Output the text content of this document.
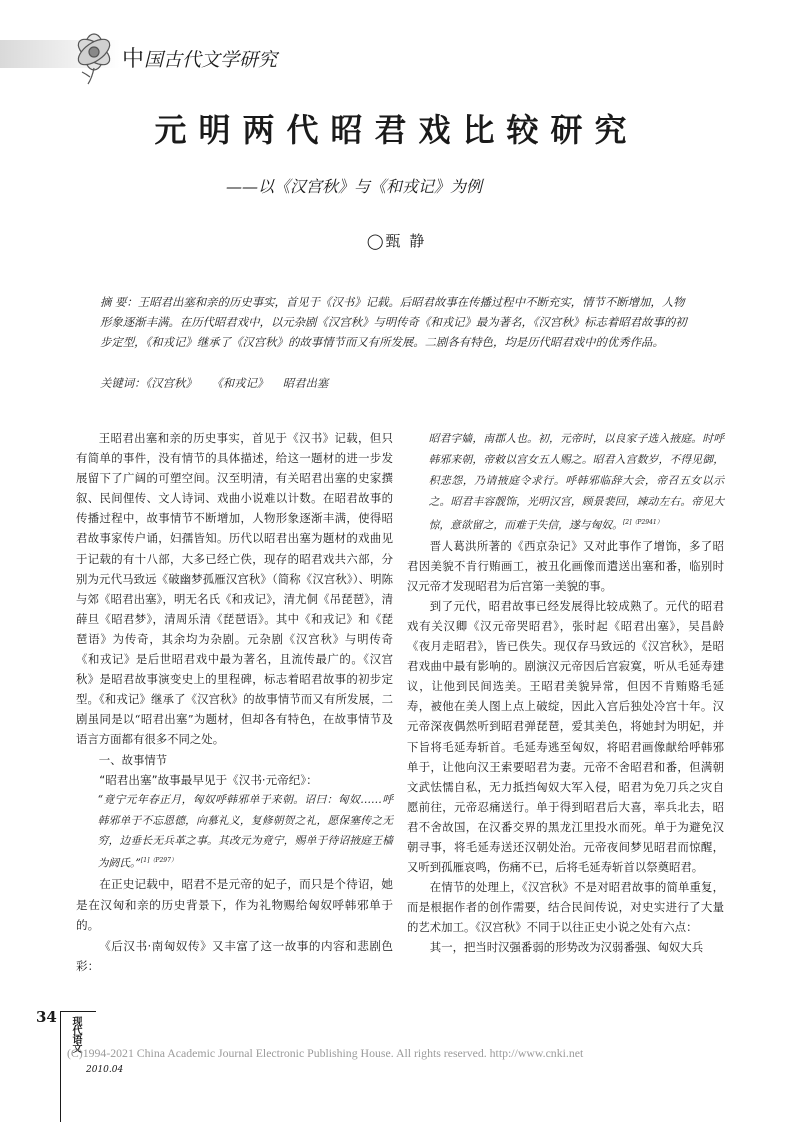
中国古代文学研究
元明两代昭君戏比较研究
——以《汉宫秋》与《和戎记》为例
◯甄 静
摘 要：王昭君出塞和亲的历史事实，首见于《汉书》记载。后昭君故事在传播过程中不断充实，情节不断增加，人物形象逐渐丰满。在历代昭君戏中，以元杂剧《汉宫秋》与明传奇《和戎记》最为著名，《汉宫秋》标志着昭君故事的初步定型，《和戎记》继承了《汉宫秋》的故事情节而又有所发展。二剧各有特色，均是历代昭君戏中的优秀作品。
关键词：《汉宫秋》    《和戎记》    昭君出塞

王昭君出塞和亲的历史事实，首见于《汉书》记载，但只有简单的事件，没有情节的具体描述，给这一题材的进一步发展留下了广阔的可塑空间。汉至明清，有关昭君出塞的史家撰叙、民间俚传、文人诗词、戏曲小说难以计数。在昭君故事的传播过程中，故事情节不断增加，人物形象逐渐丰满，使得昭君故事家传户诵，妇孺皆知。历代以昭君出塞为题材的戏曲见于记载的有十八部，大多已经亡佚，现存的昭君戏共六部，分别为元代马致远《破幽梦孤雁汉宫秋》（简称《汉宫秋》）、明陈与郊《昭君出塞》，明无名氏《和戎记》，清尤侗《吊琵琶》，清薛旦《昭君梦》，清周乐清《琵琶语》。其中《和戎记》和《琵琶语》为传奇，其余均为杂剧。元杂剧《汉宫秋》与明传奇《和戎记》是后世昭君戏中最为著名，且流传最广的。《汉宫秋》是昭君故事演变史上的里程碑，标志着昭君故事的初步定型。《和戎记》继承了《汉宫秋》的故事情节而又有所发展，二剧虽同是以“昭君出塞”为题材，但却各有特色，在故事情节及语言方面都有很多不同之处。

一、故事情节

“昭君出塞”故事最早见于《汉书·元帝纪》：

“竟宁元年春正月，匈奴呼韩邪单于来朝。诏曰：匈奴……呼韩邪单于不忘恩德，向慕礼义，复修朝贺之礼，愿保塞传之无穷，边垂长无兵革之事。其改元为竟宁，赐单于待诏掖庭王樯为阏氏。”$^{[1](P297)}$

在正史记载中，昭君不是元帝的妃子，而只是个待诏，她是在汉匈和亲的历史背景下，作为礼物赐给匈奴呼韩邪单于的。

《后汉书·南匈奴传》又丰富了这一故事的内容和悲剧色彩：

昭君字嫱，南郡人也。初，元帝时，以良家子选入掖庭。时呼韩邪来朝，帝敕以宫女五人赐之。昭君入宫数岁，不得见御，积悲怨，乃请掖庭令求行。呼韩邪临辞大会，帝召五女以示之。昭君丰容靓饰，光明汉宫，顾景裴回，竦动左右。帝见大惊，意欲留之，而难于失信，遂与匈奴。$^{[2](P2941)}$

晋人葛洪所著的《西京杂记》又对此事作了增饰，多了昭君因美貌不肯行贿画工，被丑化画像而遣送出塞和番，临别时汉元帝才发现昭君为后宫第一美貌的事。

到了元代，昭君故事已经发展得比较成熟了。元代的昭君戏有关汉卿《汉元帝哭昭君》，张时起《昭君出塞》，吴昌龄《夜月走昭君》，皆已佚失。现仅存马致远的《汉宫秋》，是昭君戏曲中最有影响的。剧演汉元帝因后宫寂寞，听从毛延寿建议，让他到民间选美。王昭君美貌异常，但因不肯贿赂毛延寿，被他在美人图上点上破绽，因此入宫后独处冷宫十年。汉元帝深夜偶然听到昭君弹琵琶，爱其美色，将她封为明妃，并下旨将毛延寿斩首。毛延寿逃至匈奴，将昭君画像献给呼韩邪单于，让他向汉王索要昭君为妻。元帝不舍昭君和番，但满朝文武怯懦自私，无力抵挡匈奴大军入侵，昭君为免刀兵之灾自愿前往，元帝忍痛送行。单于得到昭君后大喜，率兵北去，昭君不舍故国，在汉番交界的黑龙江里投水而死。单于为避免汉朝寻事，将毛延寿送还汉朝处治。元帝夜间梦见昭君而惊醒，又听到孤雁哀鸣，伤痛不已，后将毛延寿斩首以祭奠昭君。

在情节的处理上，《汉宫秋》不是对昭君故事的简单重复，而是根据作者的创作需要，结合民间传说，对史实进行了大量的艺术加工。《汉宫秋》不同于以往正史小说之处有六点：

其一，把当时汉强番弱的形势改为汉弱番强、匈奴大兵

34	现代语文
2010.04
(C)1994-2021 China Academic Journal Electronic Publishing House. All rights reserved. http://www.cnki.net
